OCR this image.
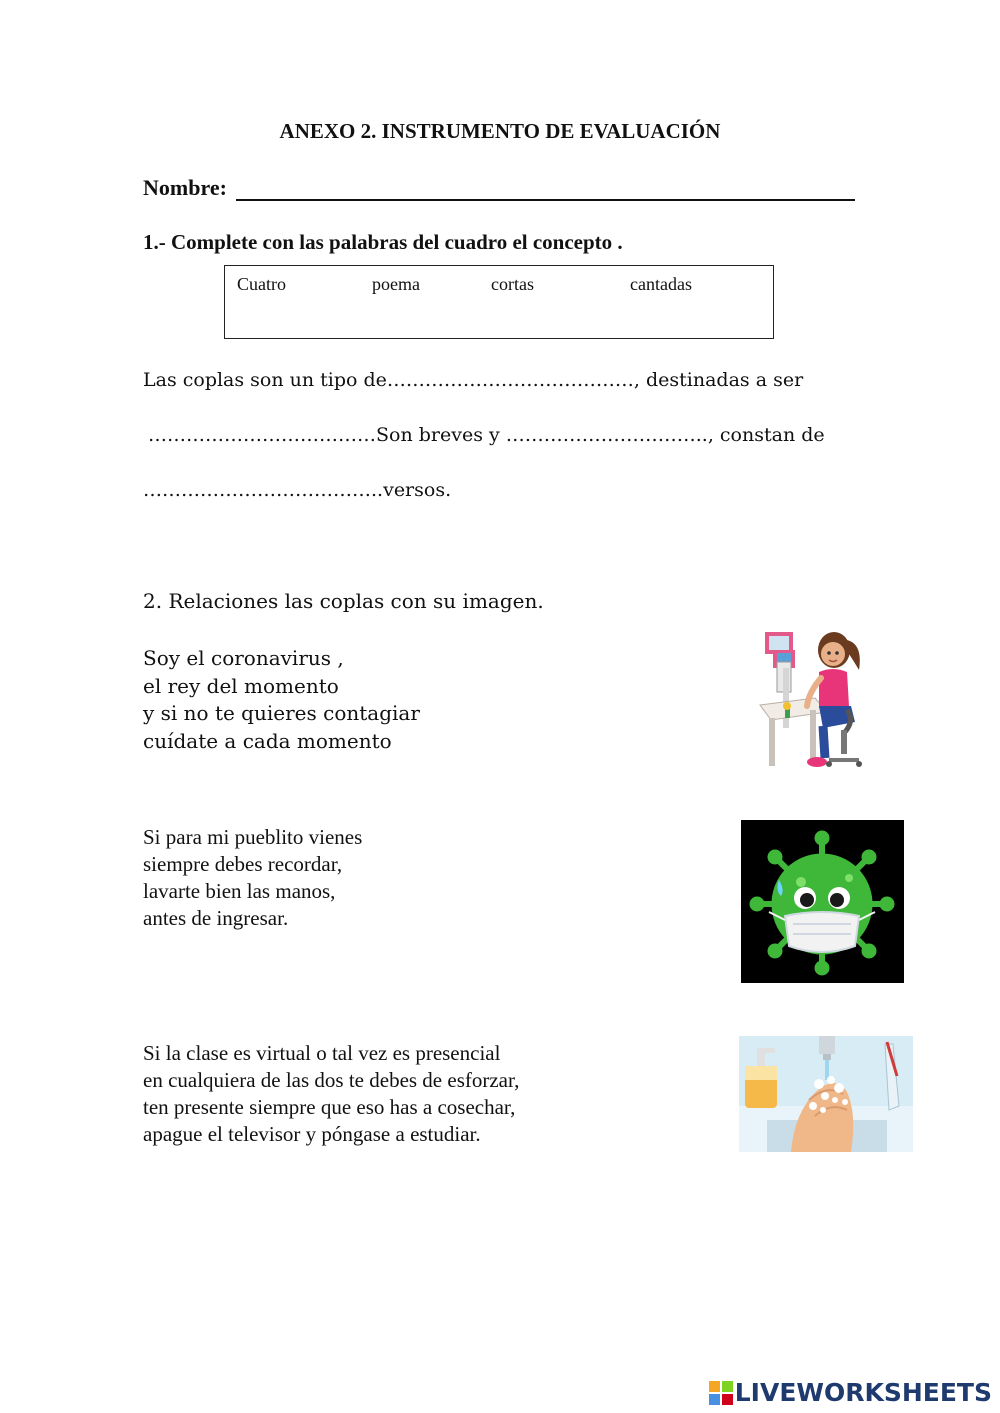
ANEXO 2. INSTRUMENTO DE EVALUACIÓN
Nombre:
1.- Complete con las palabras del cuadro el concepto .
Cuatro	poema	cortas	cantadas
Las coplas son un tipo de…………………………………, destinadas a ser
………………………………Son breves y ………………………….., constan de
………………………………..versos.
2. Relaciones las coplas con su imagen.
Soy el coronavirus ,
el rey del momento
y si no te quieres contagiar
cuídate a cada momento
Si para mi pueblito vienes
siempre debes recordar,
lavarte bien las manos,
antes de ingresar.
Si la clase es virtual o tal vez es presencial
en cualquiera de las dos te debes de esforzar,
ten presente siempre que eso has a cosechar,
apague el televisor y póngase a estudiar.
LIVEWORKSHEETS
